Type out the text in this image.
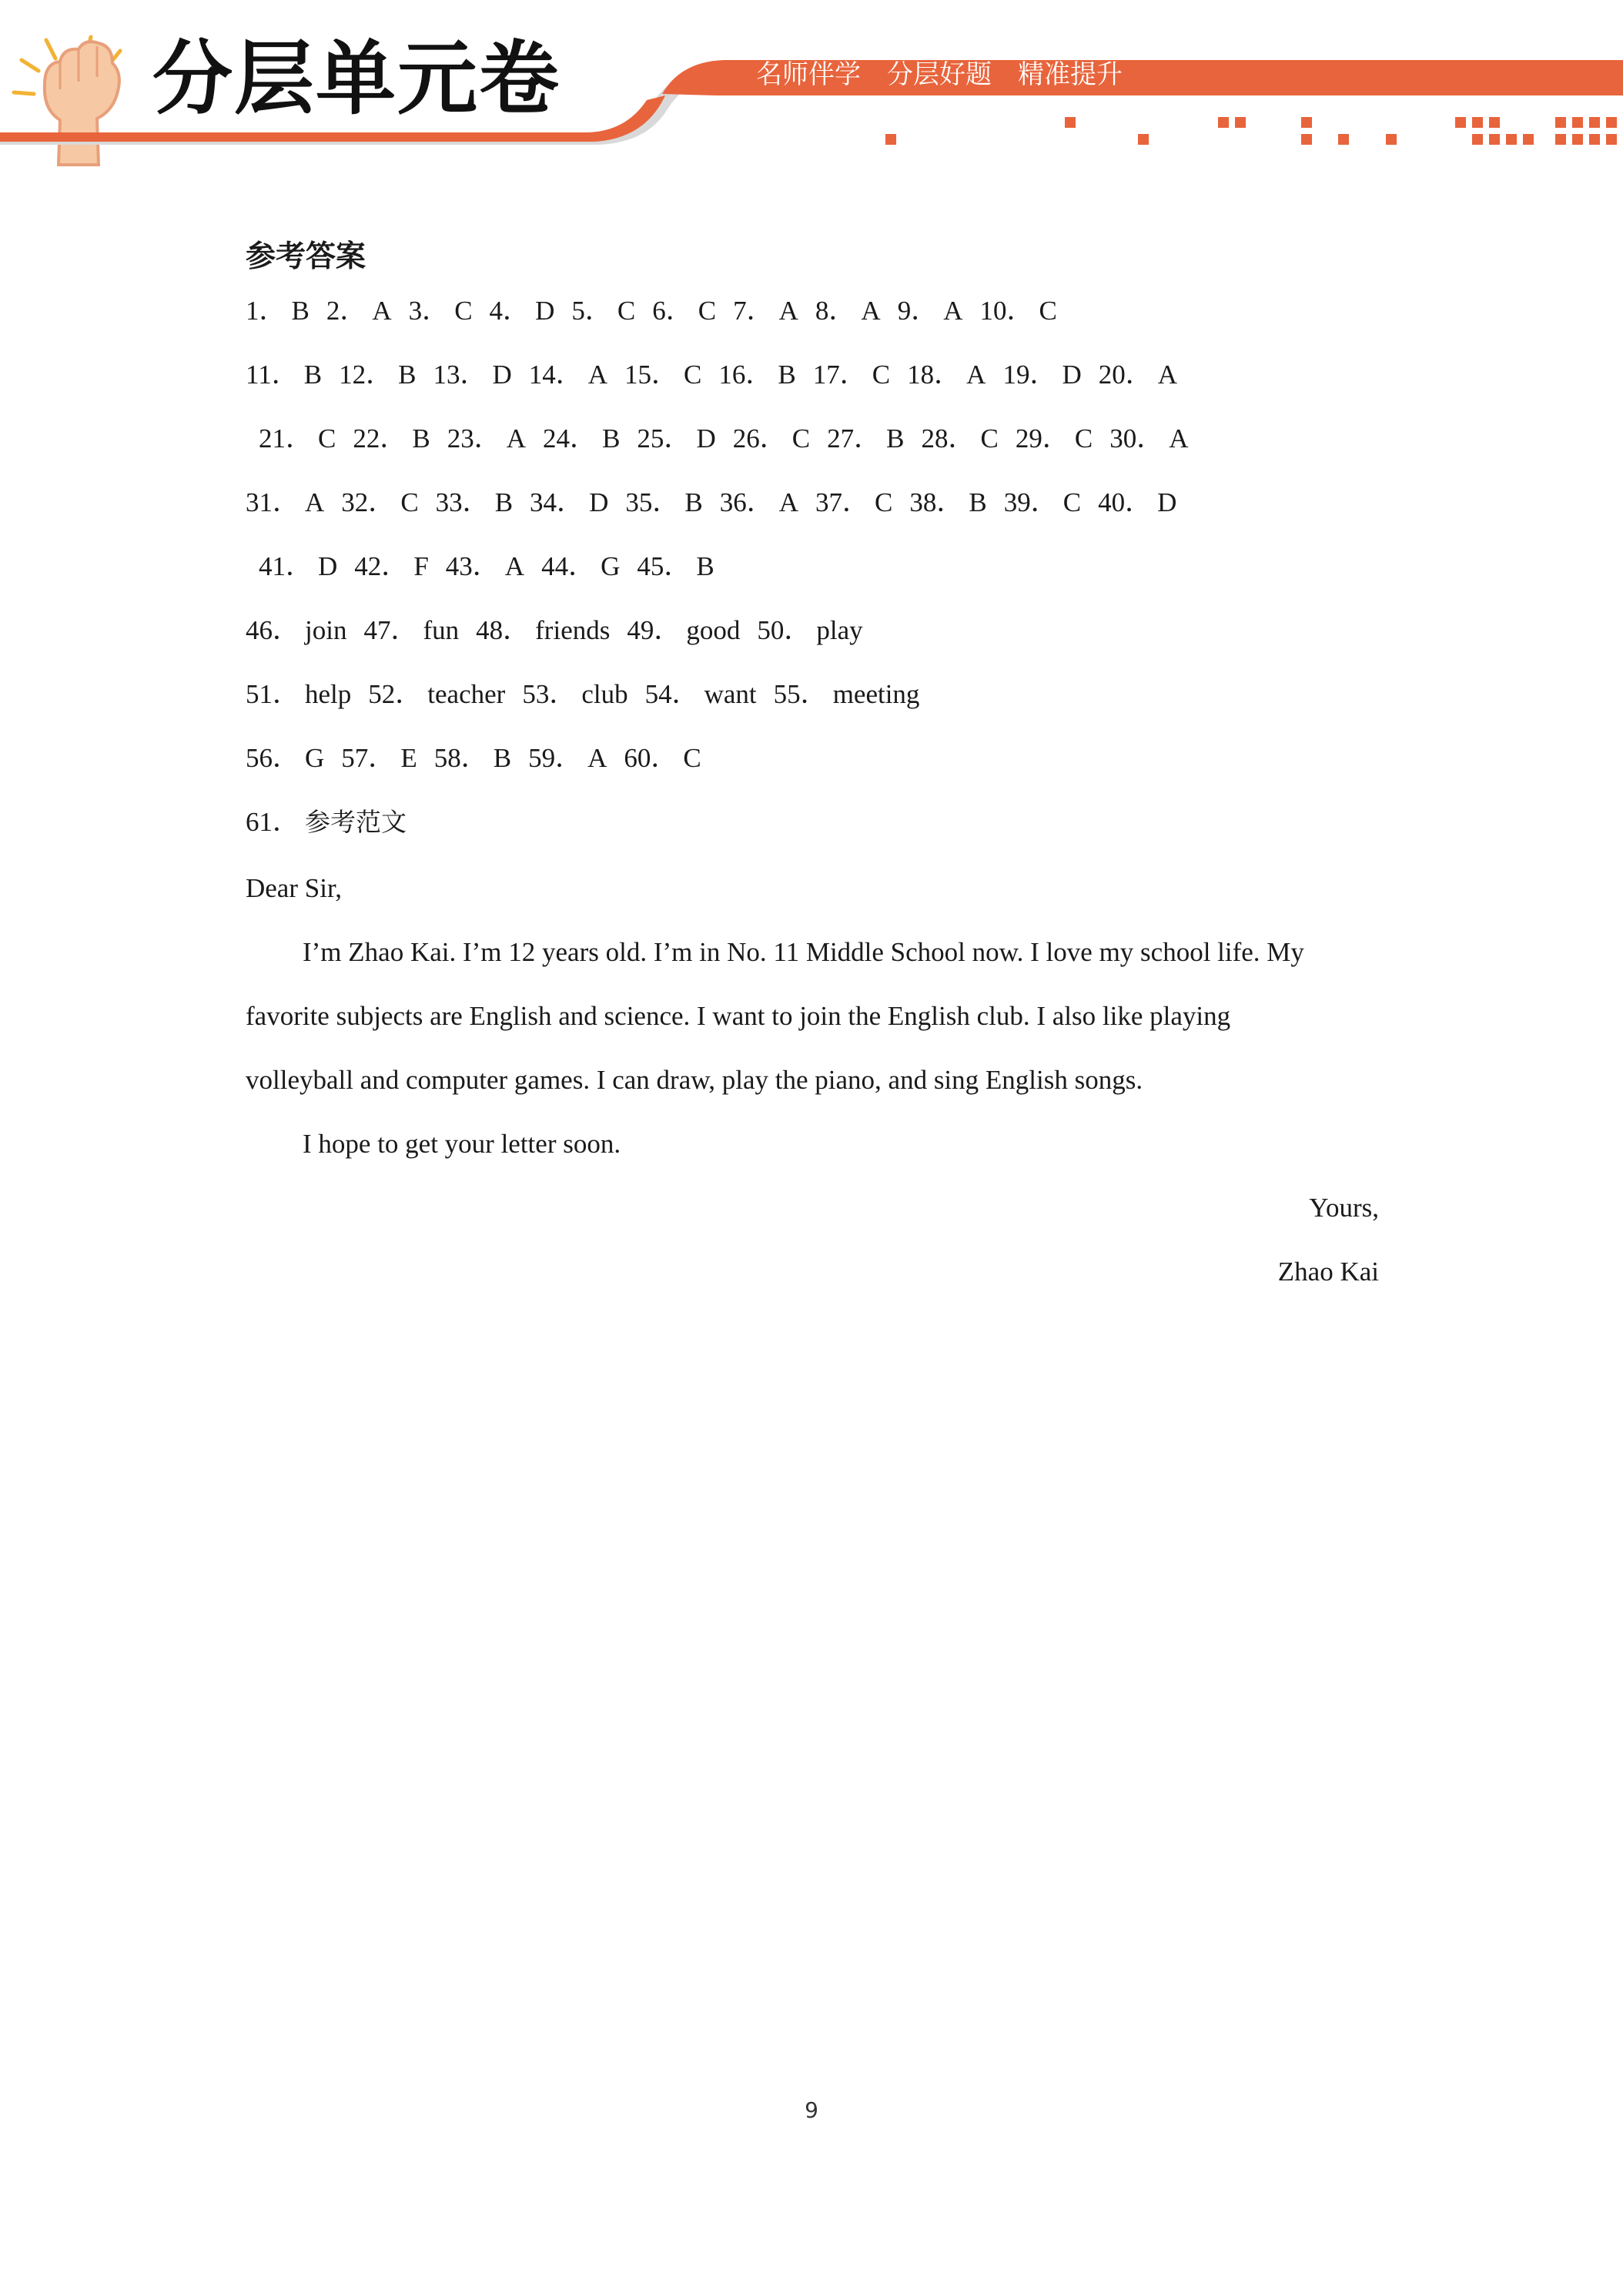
分层单元卷	名师伴学　分层好题　精准提升
参考答案
1． B 2． A 3． C 4． D 5． C 6． C 7． A 8． A 9． A 10． C
11． B 12． B 13． D 14． A 15． C 16． B 17． C 18． A 19． D 20． A
21． C 22． B 23． A 24． B 25． D 26． C 27． B 28． C 29． C 30． A
31． A 32． C 33． B 34． D 35． B 36． A 37． C 38． B 39． C 40． D
41． D 42． F 43． A 44． G 45． B
46． join 47． fun 48． friends 49． good 50． play
51． help 52． teacher 53． club 54． want 55． meeting
56． G 57． E 58． B 59． A 60． C
61． 参考范文
Dear Sir,
I’m Zhao Kai. I’m 12 years old. I’m in No. 11 Middle School now. I love my school life. My
favorite subjects are English and science. I want to join the English club. I also like playing
volleyball and computer games. I can draw, play the piano, and sing English songs.
I hope to get your letter soon.
Yours,
Zhao Kai
9
